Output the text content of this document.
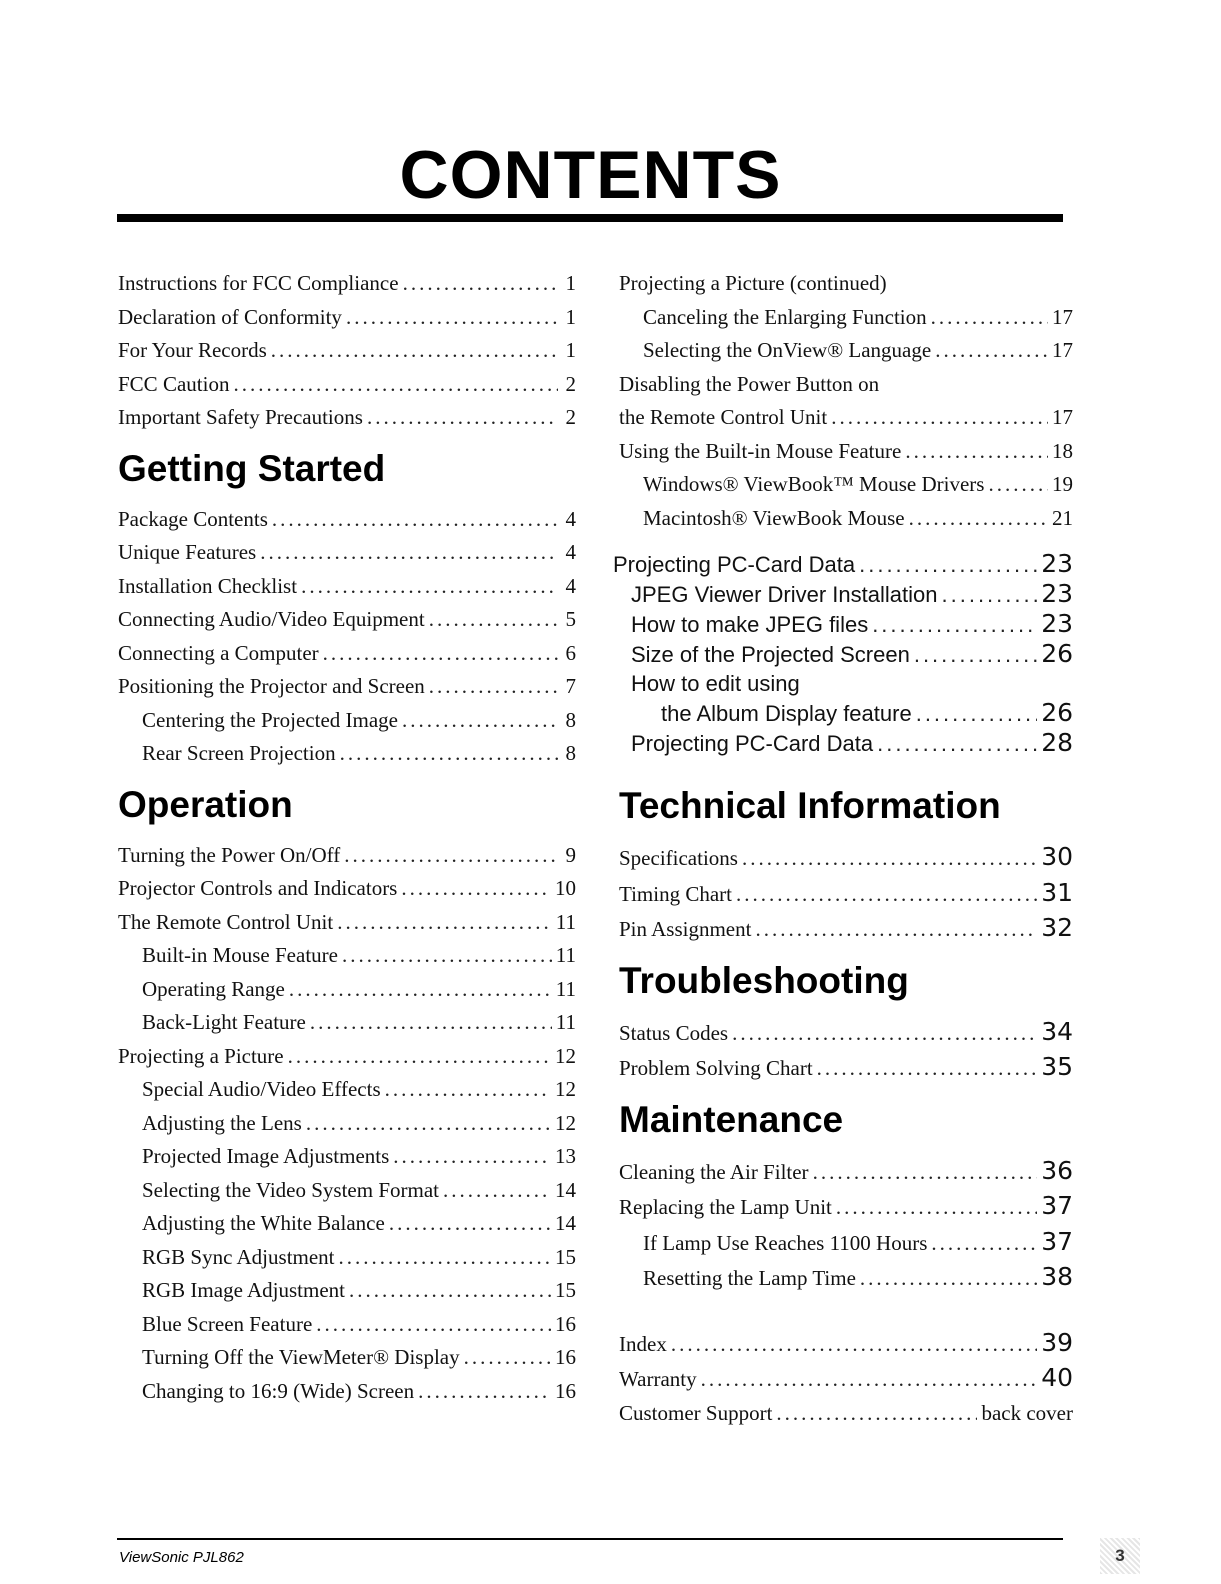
CONTENTS
Instructions for FCC Compliance .....	1
Declaration of Conformity .....	1
For Your Records .....	1
FCC Caution .....	2
Important Safety Precautions .....	2
Getting Started
Package Contents .....	4
Unique Features .....	4
Installation Checklist .....	4
Connecting Audio/Video Equipment .....	5
Connecting a Computer .....	6
Positioning the Projector and Screen .....	7
Centering the Projected Image .....	8
Rear Screen Projection .....	8
Operation
Turning the Power On/Off .....	9
Projector Controls and Indicators .....	10
The Remote Control Unit .....	11
Built-in Mouse Feature .....	11
Operating Range .....	11
Back-Light Feature .....	11
Projecting a Picture .....	12
Special Audio/Video Effects .....	12
Adjusting the Lens .....	12
Projected Image Adjustments .....	13
Selecting the Video System Format .....	14
Adjusting the White Balance .....	14
RGB Sync Adjustment .....	15
RGB Image Adjustment .....	15
Blue Screen Feature .....	16
Turning Off the ViewMeter® Display .....	16
Changing to 16:9 (Wide) Screen .....	16
Projecting a Picture (continued)
Canceling the Enlarging Function .....	17
Selecting the OnView® Language .....	17
Disabling the Power Button on
the Remote Control Unit .....	17
Using the Built-in Mouse Feature .....	18
Windows® ViewBook™ Mouse Drivers .....	19
Macintosh® ViewBook Mouse .....	21
Projecting PC-Card Data .....	23
JPEG Viewer Driver Installation .....	23
How to make JPEG files .....	23
Size of the Projected Screen .....	26
How to edit using
the Album Display feature .....	26
Projecting PC-Card Data .....	28
Technical Information
Specifications .....	30
Timing Chart .....	31
Pin Assignment .....	32
Troubleshooting
Status Codes .....	34
Problem Solving Chart .....	35
Maintenance
Cleaning the Air Filter .....	36
Replacing the Lamp Unit .....	37
If Lamp Use Reaches 1100 Hours .....	37
Resetting the Lamp Time .....	38
Index .....	39
Warranty .....	40
Customer Support .....	back cover
ViewSonic PJL862	3
